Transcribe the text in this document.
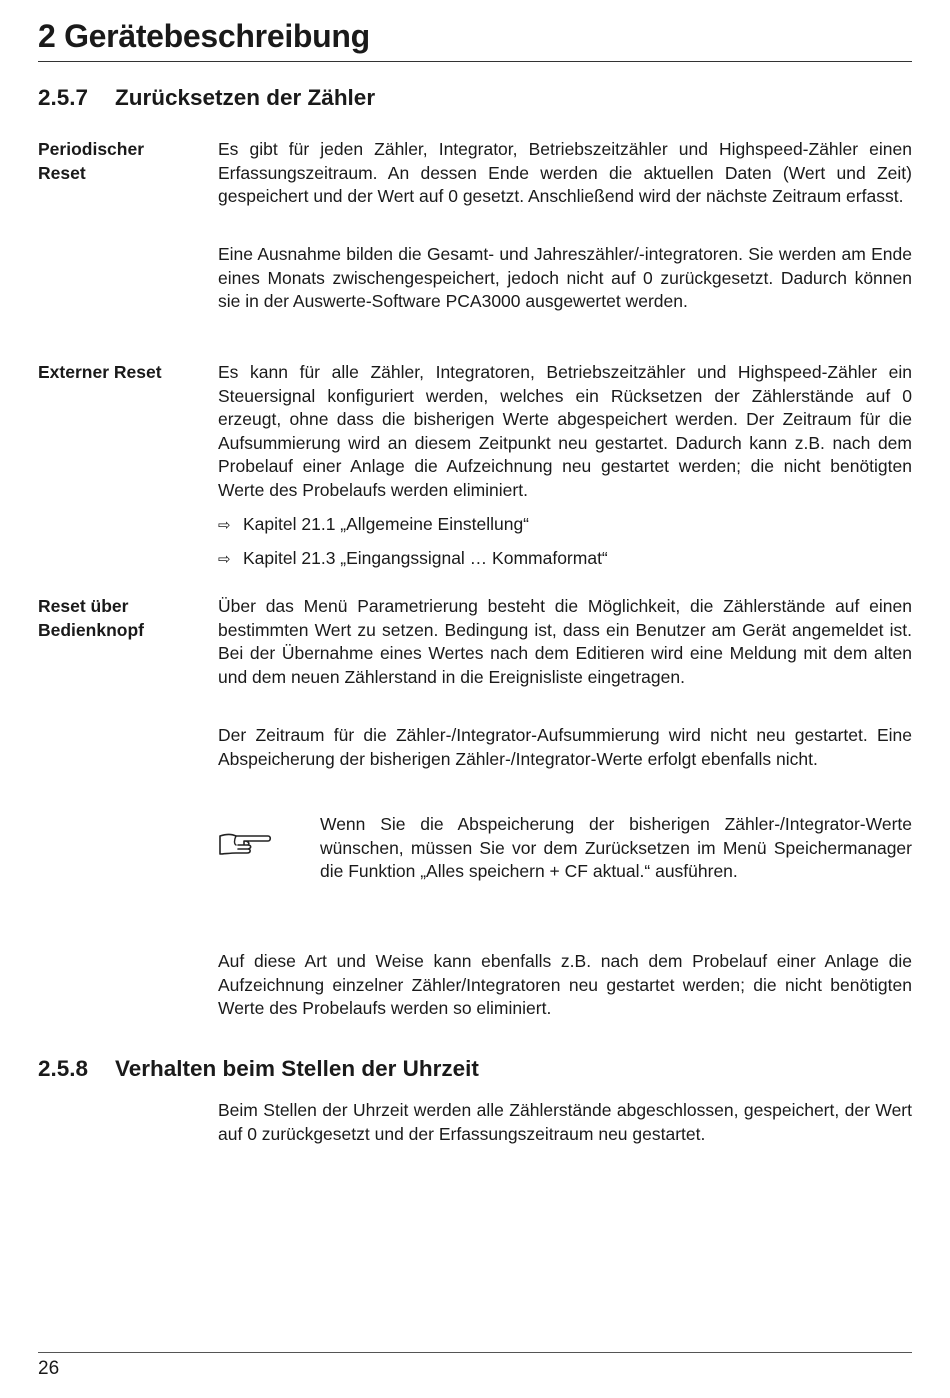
2 Gerätebeschreibung
2.5.7 Zurücksetzen der Zähler
Periodischer
Reset

Es gibt für jeden Zähler, Integrator, Betriebszeitzähler und Highspeed-Zähler einen Erfassungszeitraum. An dessen Ende werden die aktuellen Daten (Wert und Zeit) gespeichert und der Wert auf 0 gesetzt. Anschließend wird der nächste Zeitraum erfasst.

Eine Ausnahme bilden die Gesamt- und Jahreszähler/-integratoren. Sie werden am Ende eines Monats zwischengespeichert, jedoch nicht auf 0 zurückgesetzt. Dadurch können sie in der Auswerte-Software PCA3000 ausgewertet werden.

Externer Reset	Es kann für alle Zähler, Integratoren, Betriebszeitzähler und Highspeed-Zähler ein Steuersignal konfiguriert werden, welches ein Rücksetzen der Zählerstände auf 0 erzeugt, ohne dass die bisherigen Werte abgespeichert werden. Der Zeitraum für die Aufsummierung wird an diesem Zeitpunkt neu gestartet. Dadurch kann z.B. nach dem Probelauf einer Anlage die Aufzeichnung neu gestartet werden; die nicht benötigten Werte des Probelaufs werden eliminiert.

⇨ Kapitel 21.1 „Allgemeine Einstellung“
⇨ Kapitel 21.3 „Eingangssignal … Kommaformat“
Reset über
Bedienknopf

Über das Menü Parametrierung besteht die Möglichkeit, die Zählerstände auf einen bestimmten Wert zu setzen. Bedingung ist, dass ein Benutzer am Gerät angemeldet ist. Bei der Übernahme eines Wertes nach dem Editieren wird eine Meldung mit dem alten und dem neuen Zählerstand in die Ereignisliste eingetragen.

Der Zeitraum für die Zähler-/Integrator-Aufsummierung wird nicht neu gestartet. Eine Abspeicherung der bisherigen Zähler-/Integrator-Werte erfolgt ebenfalls nicht.

Wenn Sie die Abspeicherung der bisherigen Zähler-/Integrator-Werte wünschen, müssen Sie vor dem Zurücksetzen im Menü Speichermanager die Funktion „Alles speichern + CF aktual.“ ausführen.

Auf diese Art und Weise kann ebenfalls z.B. nach dem Probelauf einer Anlage die Aufzeichnung einzelner Zähler/Integratoren neu gestartet werden; die nicht benötigten Werte des Probelaufs werden so eliminiert.

2.5.8 Verhalten beim Stellen der Uhrzeit

Beim Stellen der Uhrzeit werden alle Zählerstände abgeschlossen, gespeichert, der Wert auf 0 zurückgesetzt und der Erfassungszeitraum neu gestartet.

26
